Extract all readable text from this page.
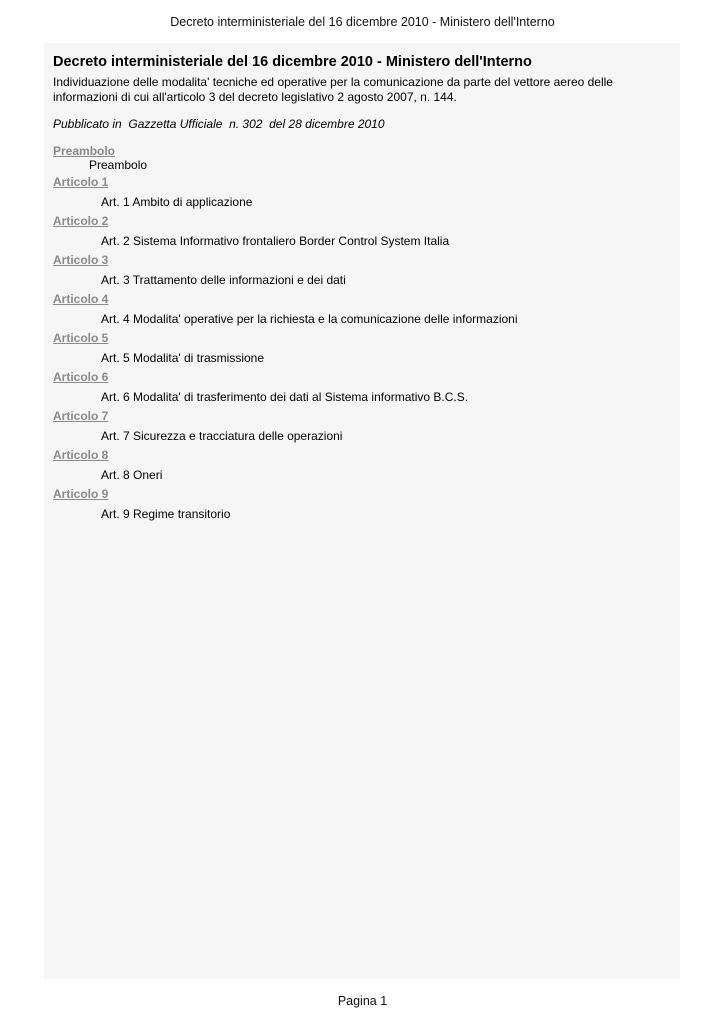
Decreto interministeriale del 16 dicembre 2010 - Ministero dell'Interno
Decreto interministeriale del 16 dicembre 2010 - Ministero dell'Interno

Individuazione delle modalita' tecniche ed operative per la comunicazione da parte del vettore aereo delle informazioni di cui all'articolo 3 del decreto legislativo 2 agosto 2007, n. 144.

Pubblicato in  Gazzetta Ufficiale  n. 302  del 28 dicembre 2010

Preambolo
Preambolo
Articolo 1
Art. 1 Ambito di applicazione
Articolo 2
Art. 2 Sistema Informativo frontaliero Border Control System Italia
Articolo 3
Art. 3 Trattamento delle informazioni e dei dati
Articolo 4
Art. 4 Modalita' operative per la richiesta e la comunicazione delle informazioni
Articolo 5
Art. 5 Modalita' di trasmissione
Articolo 6
Art. 6 Modalita' di trasferimento dei dati al Sistema informativo B.C.S.
Articolo 7
Art. 7 Sicurezza e tracciatura delle operazioni
Articolo 8
Art. 8 Oneri
Articolo 9
Art. 9 Regime transitorio
Pagina 1
